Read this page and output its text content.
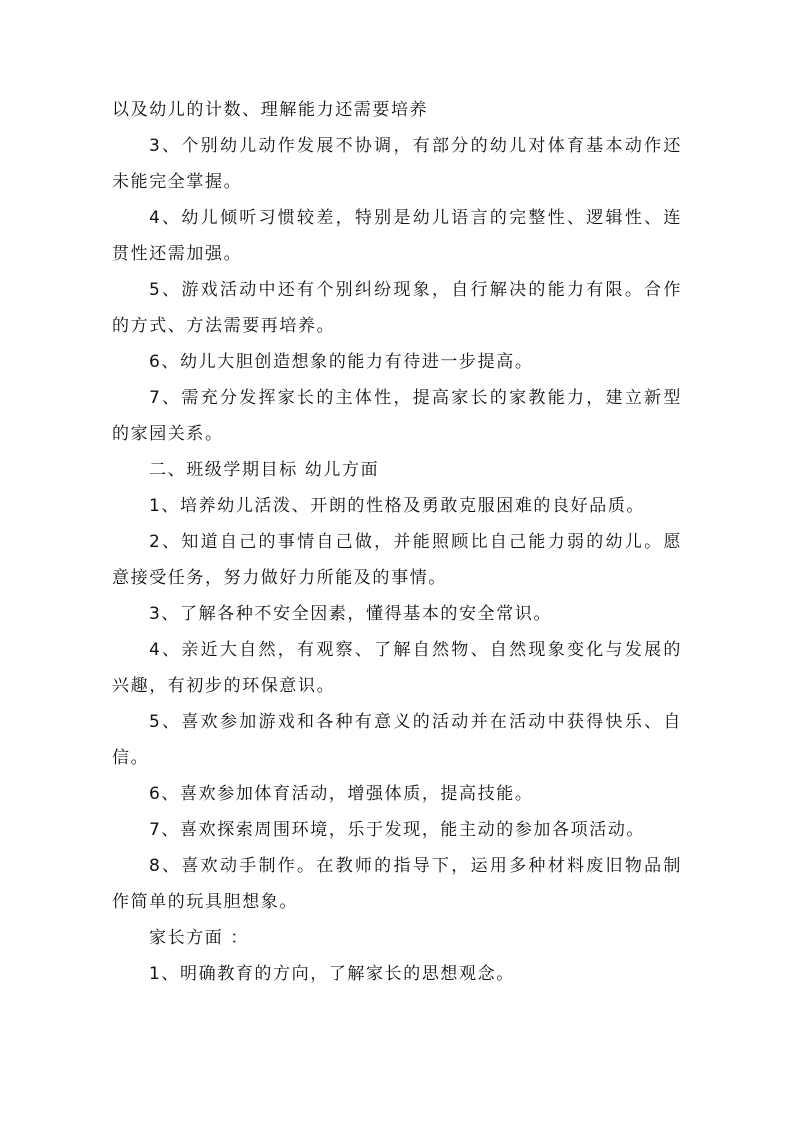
以及幼儿的计数、理解能力还需要培养

3、个别幼儿动作发展不协调，有部分的幼儿对体育基本动作还未能完全掌握。

4、幼儿倾听习惯较差，特别是幼儿语言的完整性、逻辑性、连贯性还需加强。

5、游戏活动中还有个别纠纷现象，自行解决的能力有限。合作的方式、方法需要再培养。

6、幼儿大胆创造想象的能力有待进一步提高。

7、需充分发挥家长的主体性，提高家长的家教能力，建立新型的家园关系。

二、班级学期目标 幼儿方面

1、培养幼儿活泼、开朗的性格及勇敢克服困难的良好品质。

2、知道自己的事情自己做，并能照顾比自己能力弱的幼儿。愿意接受任务，努力做好力所能及的事情。

3、了解各种不安全因素，懂得基本的安全常识。

4、亲近大自然，有观察、了解自然物、自然现象变化与发展的兴趣，有初步的环保意识。

5、喜欢参加游戏和各种有意义的活动并在活动中获得快乐、自信。

6、喜欢参加体育活动，增强体质，提高技能。

7、喜欢探索周围环境，乐于发现，能主动的参加各项活动。

8、喜欢动手制作。在教师的指导下，运用多种材料废旧物品制作简单的玩具胆想象。

家长方面 ：

1、明确教育的方向，了解家长的思想观念。
